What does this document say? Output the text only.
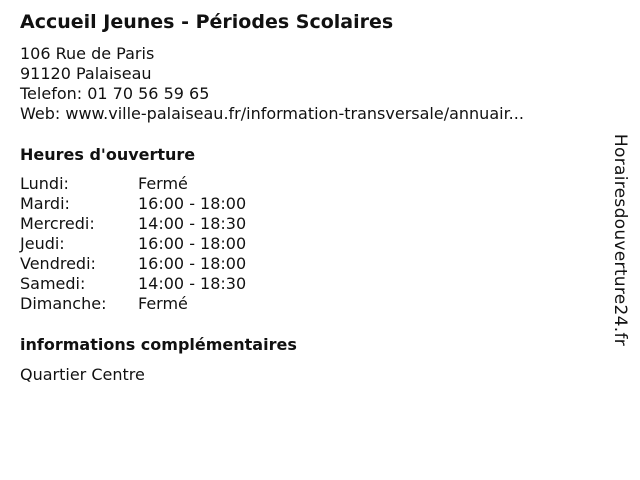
Accueil Jeunes - Périodes Scolaires
106 Rue de Paris
91120 Palaiseau
Telefon: 01 70 56 59 65
Web: www.ville-palaiseau.fr/information-transversale/annuair...
Heures d'ouverture
Lundi:	Fermé
Mardi:	16:00 - 18:00
Mercredi:	14:00 - 18:30
Jeudi:	16:00 - 18:00
Vendredi:	16:00 - 18:00
Samedi:	14:00 - 18:30
Dimanche: Fermé
informations complémentaires
Quartier Centre
Horairesdouverture24.fr
